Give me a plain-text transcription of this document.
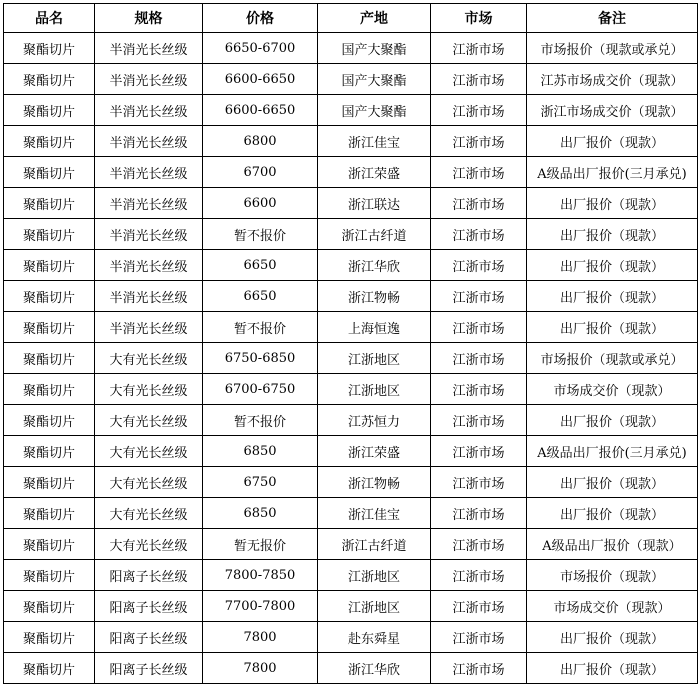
品名	规格	价格	产地	市场	备注
聚酯切片	半消光长丝级	6650-6700	国产大聚酯	江浙市场	市场报价（现款或承兑）
聚酯切片	半消光长丝级	6600-6650	国产大聚酯	江浙市场	江苏市场成交价（现款）
聚酯切片	半消光长丝级	6600-6650	国产大聚酯	江浙市场	浙江市场成交价（现款）
聚酯切片	半消光长丝级	6800	浙江佳宝	江浙市场	出厂报价（现款）
聚酯切片	半消光长丝级	6700	浙江荣盛	江浙市场	A级品出厂报价(三月承兑)
聚酯切片	半消光长丝级	6600	浙江联达	江浙市场	出厂报价（现款）
聚酯切片	半消光长丝级	暂不报价	浙江古纤道	江浙市场	出厂报价（现款）
聚酯切片	半消光长丝级	6650	浙江华欣	江浙市场	出厂报价（现款）
聚酯切片	半消光长丝级	6650	浙江物畅	江浙市场	出厂报价（现款）
聚酯切片	半消光长丝级	暂不报价	上海恒逸	江浙市场	出厂报价（现款）
聚酯切片	大有光长丝级	6750-6850	江浙地区	江浙市场	市场报价（现款或承兑）
聚酯切片	大有光长丝级	6700-6750	江浙地区	江浙市场	市场成交价（现款）
聚酯切片	大有光长丝级	暂不报价	江苏恒力	江浙市场	出厂报价（现款）
聚酯切片	大有光长丝级	6850	浙江荣盛	江浙市场	A级品出厂报价(三月承兑)
聚酯切片	大有光长丝级	6750	浙江物畅	江浙市场	出厂报价（现款）
聚酯切片	大有光长丝级	6850	浙江佳宝	江浙市场	出厂报价（现款）
聚酯切片	大有光长丝级	暂无报价	浙江古纤道	江浙市场	A级品出厂报价（现款）
聚酯切片	阳离子长丝级	7800-7850	江浙地区	江浙市场	市场报价（现款）
聚酯切片	阳离子长丝级	7700-7800	江浙地区	江浙市场	市场成交价（现款）
聚酯切片	阳离子长丝级	7800	赴东舜星	江浙市场	出厂报价（现款）
聚酯切片	阳离子长丝级	7800	浙江华欣	江浙市场	出厂报价（现款）
